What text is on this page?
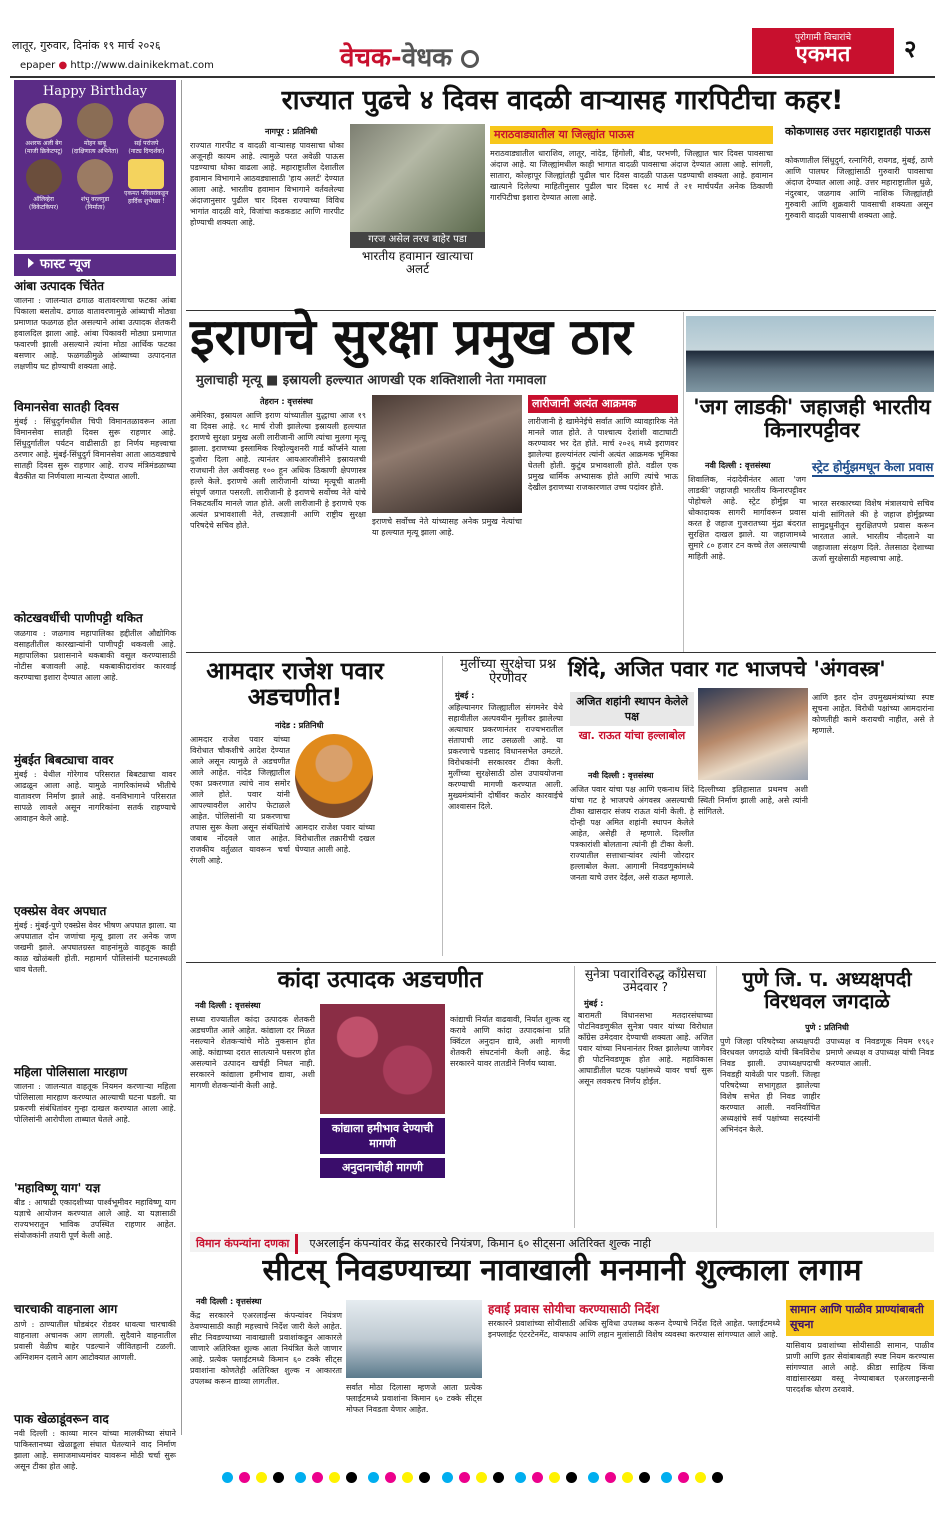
लातूर, गुरुवार, दिनांक १९ मार्च २०२६
epaper ● http://www.dainikekmat.com	वेचक-वेधक
पुरोगामी विचारांचे
एकमत	२
Happy Birthday
अशरफ अली बेग
(माजी क्रिकेटपटू)
मोहन बाबू
(दाक्षिणात्य अभिनेता)
सई परांजपे
(नाट्य दिग्दर्शक)
ऑलिव्हेरा
(विकेटकिपर)
शंभू वरलगुडा
(निर्माता)
एकमत परिवाराकडून
हार्दिक शुभेच्छा !
फास्ट न्यूज
आंबा उत्पादक चिंतेत
जालना : जालन्यात ढगाळ वातावरणाचा फटका आंबा पिकाला बसतोय. ढगाळ वातावरणामुळे आंब्याची मोठ्या प्रमाणात फळगळ होत असल्याने आंबा उत्पादक शेतकरी हवालदिल झाला आहे. आंबा पिकावरी मोठ्या प्रमाणात फवारणी झाली असल्याने त्यांना मोठा आर्थिक फटका बसणार आहे. फळगळीमुळे आंब्याच्या उत्पादनात लक्षणीय घट होण्याची शक्यता आहे.
विमानसेवा सातही दिवस
मुंबई : सिंधुदुर्गमधील चिपी विमानतळावरून आता विमानसेवा सातही दिवस सुरू राहणार आहे. सिंधुदुर्गातील पर्यटन वाढीसाठी हा निर्णय महत्त्वाचा ठरणार आहे. मुंबई-सिंधुदुर्ग विमानसेवा आता आठवड्याचे सातही दिवस सुरू राहणार आहे. राज्य मंत्रिमंडळाच्या बैठकीत या निर्णयाला मान्यता देण्यात आली.
कोटखवर्धीची पाणीपट्टी थकित
जळगाव : जळगाव महापालिका हद्दीतील औद्योगिक वसाहतीतील कारखान्यांनी पाणीपट्टी थकवली आहे. महापालिका प्रशासनाने थकबाकी वसूल करण्यासाठी नोटीस बजावली आहे. थकबाकीदारांवर कारवाई करण्याचा इशारा देण्यात आला आहे.
मुंबईत बिबट्याचा वावर
मुंबई : येथील गोरेगाव परिसरात बिबट्याचा वावर आढळून आला आहे. यामुळे नागरिकांमध्ये भीतीचे वातावरण निर्माण झाले आहे. वनविभागाने परिसरात सापळे लावले असून नागरिकांना सतर्क राहण्याचे आवाहन केले आहे.
एक्स्प्रेस वेवर अपघात
मुंबई : मुंबई-पुणे एक्स्प्रेस वेवर भीषण अपघात झाला. या अपघातात दोन जणांचा मृत्यू झाला तर अनेक जण जखमी झाले. अपघातग्रस्त वाहनांमुळे वाहतूक काही काळ खोळंबली होती. महामार्ग पोलिसांनी घटनास्थळी धाव घेतली.
महिला पोलिसाला मारहाण
जालना : जालन्यात वाहतूक नियमन करणाऱ्या महिला पोलिसाला मारहाण करण्यात आल्याची घटना घडली. या प्रकरणी संबंधितांवर गुन्हा दाखल करण्यात आला आहे. पोलिसांनी आरोपीला ताब्यात घेतले आहे.
'महाविष्णू याग' यज्ञ
बीड : आषाढी एकादशीच्या पार्श्वभूमीवर महाविष्णू याग यज्ञाचे आयोजन करण्यात आले आहे. या यज्ञासाठी राज्यभरातून भाविक उपस्थित राहणार आहेत. संयोजकांनी तयारी पूर्ण केली आहे.
चारचाकी वाहनाला आग
ठाणे : ठाण्यातील घोडबंदर रोडवर धावत्या चारचाकी वाहनाला अचानक आग लागली. सुदैवाने वाहनातील प्रवासी वेळीच बाहेर पडल्याने जीवितहानी टळली. अग्निशमन दलाने आग आटोक्यात आणली.
पाक खेळाडूंवरून वाद
नवी दिल्ली : काव्या मारन यांच्या मालकीच्या संघाने पाकिस्तानच्या खेळाडूला संघात घेतल्याने वाद निर्माण झाला आहे. समाजमाध्यमांवर यावरून मोठी चर्चा सुरू असून टीका होत आहे.
राज्यात पुढचे ४ दिवस वादळी वाऱ्यासह गारपिटीचा कहर!
नागपूर : प्रतिनिधी
राज्यात गारपीट व वादळी वाऱ्यासह पावसाचा धोका अजूनही कायम आहे. त्यामुळे परत अवेळी पाऊस पडण्याचा धोका वाढला आहे. महाराष्ट्रातील देशातील हवामान विभागाने आठवड्यासाठी 'हाय अलर्ट' देण्यात आला आहे. भारतीय हवामान विभागाने वर्तवलेल्या अंदाजानुसार पुढील चार दिवस राज्याच्या विविध भागांत वादळी वारे, विजांचा कडकडाट आणि गारपीट होण्याची शक्यता आहे.
गरज असेल तरच बाहेर पडा
भारतीय हवामान खात्याचा अलर्ट
मराठवाड्यातील या जिल्ह्यांत पाऊस
मराठवाड्यातील धाराशिव, लातूर, नांदेड, हिंगोली, बीड, परभणी, जिल्ह्यात चार दिवस पावसाचा अंदाज आहे. या जिल्ह्यांमधील काही भागात वादळी पावसाचा अंदाज देण्यात आला आहे. सांगली, सातारा, कोल्हापूर जिल्ह्यांतही पुढील चार दिवस वादळी पाऊस पडण्याची शक्यता आहे. हवामान खात्याने दिलेल्या माहितीनुसार पुढील चार दिवस १८ मार्च ते २१ मार्चपर्यंत अनेक ठिकाणी गारपिटीचा इशारा देण्यात आला आहे.
कोकणासह उत्तर महाराष्ट्रातही पाऊस
कोकणातील सिंधुदुर्ग, रत्नागिरी, रायगड, मुंबई, ठाणे आणि पालघर जिल्ह्यांसाठी गुरुवारी पावसाचा अंदाज देण्यात आला आहे. उत्तर महाराष्ट्रातील धुळे, नंदुरबार, जळगाव आणि नाशिक जिल्ह्यांतही गुरुवारी आणि शुक्रवारी पावसाची शक्यता असून गुरुवारी वादळी पावसाची शक्यता आहे.
इराणचे सुरक्षा प्रमुख ठार
मुलाचाही मृत्यू ■ इस्रायली हल्ल्यात आणखी एक शक्तिशाली नेता गमावला
तेहरान : वृत्तसंस्था
अमेरिका, इस्रायल आणि इराण यांच्यातील युद्धाचा आज १९ वा दिवस आहे. १८ मार्च रोजी झालेल्या इस्रायली हल्ल्यात इराणचे सुरक्षा प्रमुख अली लारीजानी आणि त्यांचा मुलगा मृत्यू झाला. इराणच्या इस्लामिक रिव्होल्युशनरी गार्ड कॉर्प्सने याला दुजोरा दिला आहे. त्यानंतर आयआरजीसीने इस्रायलची राजधानी तेल अवीवसह १०० हून अधिक ठिकाणी क्षेपणास्त्र हल्ले केले. इराणचे अली लारीजानी यांच्या मृत्यूची बातमी संपूर्ण जगात पसरली. लारीजानी हे इराणचे सर्वोच्च नेते यांचे निकटवर्तीय मानले जात होते. अली लारीजानी हे इराणचे एक अत्यंत प्रभावशाली नेते, तत्त्वज्ञानी आणि राष्ट्रीय सुरक्षा परिषदेचे सचिव होते.	इराणचे सर्वोच्च नेते यांच्यासह अनेक प्रमुख नेत्यांचा या हल्ल्यात मृत्यू झाला आहे.
लारीजानी अत्यंत आक्रमक
लारीजानी हे खामेनेईचे सर्वात आणि व्यावहारिक नेते मानले जात होते. ते पाश्चात्य देशांशी वाटाघाटी करण्यावर भर देत होते. मार्च २०२६ मध्ये इराणवर झालेल्या हल्ल्यांनंतर त्यांनी अत्यंत आक्रमक भूमिका घेतली होती. कुटुंब प्रभावशाली होते. वडील एक प्रमुख धार्मिक अभ्यासक होते आणि त्यांचे भाऊ देखील इराणच्या राजकारणात उच्च पदांवर होते.
'जग लाडकी' जहाजही भारतीय किनारपट्टीवर
नवी दिल्ली : वृत्तसंस्था
शिवालिक, नंदादेवीनंतर आता 'जग लाडकी' जहाजही भारतीय किनारपट्टीवर पोहोचले आहे. स्ट्रेट होर्मुझ या धोकादायक सागरी मार्गावरून प्रवास करत हे जहाज गुजरातच्या मुंद्रा बंदरात सुरक्षित दाखल झाले. या जहाजामध्ये सुमारे ८० हजार टन कच्चे तेल असल्याची माहिती आहे.
स्ट्रेट होर्मुझमधून केला प्रवास
भारत सरकारच्या विशेष मंत्रालयाचे सचिव यांनी सांगितले की हे जहाज होर्मुझच्या सामुद्रधुनीतून सुरक्षितपणे प्रवास करून भारतात आले. भारतीय नौदलाने या जहाजाला संरक्षण दिले. तेलसाठा देशाच्या ऊर्जा सुरक्षेसाठी महत्त्वाचा आहे.
आमदार राजेश पवार अडचणीत!
नांदेड : प्रतिनिधी
आमदार राजेश पवार यांच्या विरोधात चौकशीचे आदेश देण्यात आले असून त्यामुळे ते अडचणीत आले आहेत. नांदेड जिल्ह्यातील एका प्रकरणात त्यांचे नाव समोर आले होते. पवार यांनी आपल्यावरील आरोप फेटाळले आहेत. पोलिसांनी या प्रकरणाचा तपास सुरू केला असून संबंधितांचे जबाब नोंदवले जात आहेत. राजकीय वर्तुळात यावरून चर्चा रंगली आहे.
आमदार राजेश पवार यांच्या विरोधातील तक्रारीची दखल घेण्यात आली आहे.
मुलींच्या सुरक्षेचा प्रश्न ऐरणीवर
मुंबई :
अहिल्यानगर जिल्ह्यातील संगमनेर येथे सहावीतील अल्पवयीन मुलीवर झालेल्या अत्याचार प्रकरणानंतर राज्यभरातील संतापाची लाट उसळली आहे. या प्रकरणाचे पडसाद विधानसभेत उमटले. विरोधकांनी सरकारवर टीका केली. मुलींच्या सुरक्षेसाठी ठोस उपाययोजना करण्याची मागणी करण्यात आली. मुख्यमंत्र्यांनी दोषींवर कठोर कारवाईचे आश्वासन दिले.
शिंदे, अजित पवार गट भाजपचे 'अंगवस्त्र'
अजित शहांनी स्थापन केलेले पक्ष
खा. राऊत यांचा हल्लाबोल
नवी दिल्ली : वृत्तसंस्था
अजित पवार यांचा पक्ष आणि एकनाथ शिंदे यांचा गट हे भाजपचे अंगवस्त्र असल्याची टीका खासदार संजय राऊत यांनी केली. हे दोन्ही पक्ष अमित शहांनी स्थापन केलेले आहेत, असेही ते म्हणाले. दिल्लीत पत्रकारांशी बोलताना त्यांनी ही टीका केली. राज्यातील सत्ताधाऱ्यांवर त्यांनी जोरदार हल्लाबोल केला. आगामी निवडणुकांमध्ये जनता याचे उत्तर देईल, असे राऊत म्हणाले.
दिल्लीच्या इतिहासात प्रथमच अशी स्थिती निर्माण झाली आहे, असे त्यांनी सांगितले.
आणि इतर दोन उपमुख्यमंत्र्यांच्या स्पष्ट सूचना आहेत. विरोधी पक्षांच्या आमदारांना कोणतीही कामे करायची नाहीत, असे ते म्हणाले.
कांदा उत्पादक अडचणीत
नवी दिल्ली : वृत्तसंस्था
सध्या राज्यातील कांदा उत्पादक शेतकरी अडचणीत आले आहेत. कांद्याला दर मिळत नसल्याने शेतकऱ्यांचे मोठे नुकसान होत आहे. कांद्याच्या दरात सातत्याने घसरण होत असल्याने उत्पादन खर्चही निघत नाही. सरकारने कांद्याला हमीभाव द्यावा, अशी मागणी शेतकऱ्यांनी केली आहे.
कांद्याला हमीभाव देण्याची मागणी
अनुदानाचीही मागणी
कांद्याची निर्यात वाढवावी, निर्यात शुल्क रद्द करावे आणि कांदा उत्पादकांना प्रति क्विंटल अनुदान द्यावे, अशी मागणी शेतकरी संघटनांनी केली आहे. केंद्र सरकारने यावर तातडीने निर्णय घ्यावा.
सुनेत्रा पवारांविरुद्ध काँग्रेसचा उमेदवार ?
मुंबई :
बारामती विधानसभा मतदारसंघाच्या पोटनिवडणुकीत सुनेत्रा पवार यांच्या विरोधात काँग्रेस उमेदवार देण्याची शक्यता आहे. अजित पवार यांच्या निधनानंतर रिक्त झालेल्या जागेवर ही पोटनिवडणूक होत आहे. महाविकास आघाडीतील घटक पक्षांमध्ये यावर चर्चा सुरू असून लवकरच निर्णय होईल.
पुणे जि. प. अध्यक्षपदी विरधवल जगदाळे
पुणे : प्रतिनिधी
पुणे जिल्हा परिषदेच्या अध्यक्षपदी विरधवल जगदाळे यांची बिनविरोध निवड झाली. उपाध्यक्षपदाची निवडही यावेळी पार पडली. जिल्हा परिषदेच्या सभागृहात झालेल्या विशेष सभेत ही निवड जाहीर करण्यात आली. नवनिर्वाचित अध्यक्षांचे सर्व पक्षांच्या सदस्यांनी अभिनंदन केले.
उपाध्यक्ष व निवडणूक नियम १९६२ प्रमाणे अध्यक्ष व उपाध्यक्ष यांची निवड करण्यात आली.
विमान कंपन्यांना दणका एअरलाईन कंपन्यांवर केंद्र सरकारचे नियंत्रण, किमान ६० सीट्सना अतिरिक्त शुल्क नाही
सीटस् निवडण्याच्या नावाखाली मनमानी शुल्काला लगाम
नवी दिल्ली : वृत्तसंस्था
केंद्र सरकारने एअरलाईन्स कंपन्यांवर नियंत्रण ठेवण्यासाठी काही महत्त्वाचे निर्देश जारी केले आहेत. सीट निवडण्याच्या नावाखाली प्रवाशांकडून आकारले जाणारे अतिरिक्त शुल्क आता नियंत्रित केले जाणार आहे. प्रत्येक फ्लाईटमध्ये किमान ६० टक्के सीट्स प्रवाशांना कोणतेही अतिरिक्त शुल्क न आकारता उपलब्ध करून द्याव्या लागतील.
सर्वात मोठा दिलासा म्हणजे आता प्रत्येक फ्लाईटमध्ये प्रवाशांना किमान ६० टक्के सीट्स मोफत निवडता येणार आहेत.
हवाई प्रवास सोयीचा करण्यासाठी निर्देश
सरकारने प्रवाशांच्या सोयीसाठी अधिक सुविधा उपलब्ध करून देण्याचे निर्देश दिले आहेत. फ्लाईटमध्ये इनफ्लाईट एंटरटेनमेंट, वायफाय आणि लहान मुलांसाठी विशेष व्यवस्था करण्यास सांगण्यात आले आहे.
सामान आणि पाळीव प्राण्यांबाबती सूचना
यासिवाय प्रवाशांच्या सोयीसाठी सामान, पाळीव प्राणी आणि इतर सेवांबाबतही स्पष्ट नियम करण्यास सांगण्यात आले आहे. क्रीडा साहित्य किंवा वाद्यांसारख्या वस्तू नेण्याबाबत एअरलाइन्सनी पारदर्शक धोरण ठरवावे.
